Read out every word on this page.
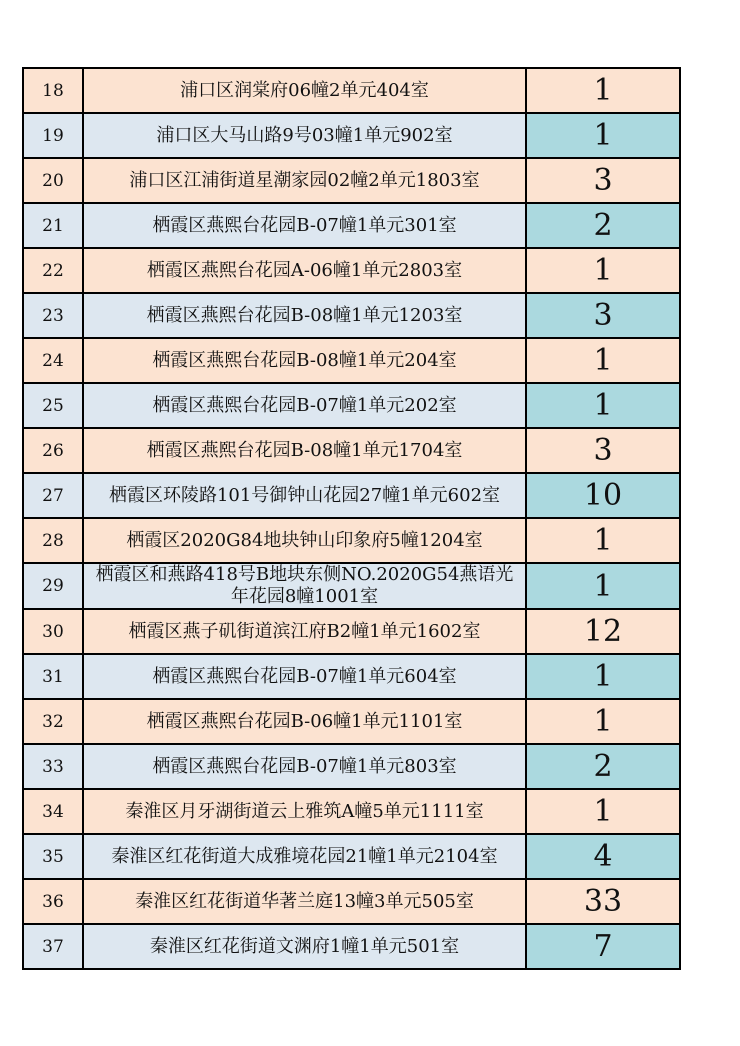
18	浦口区润棠府06幢2单元404室	1
19	浦口区大马山路9号03幢1单元902室	1
20	浦口区江浦街道星潮家园02幢2单元1803室	3
21	栖霞区燕熙台花园B-07幢1单元301室	2
22	栖霞区燕熙台花园A-06幢1单元2803室	1
23	栖霞区燕熙台花园B-08幢1单元1203室	3
24	栖霞区燕熙台花园B-08幢1单元204室	1
25	栖霞区燕熙台花园B-07幢1单元202室	1
26	栖霞区燕熙台花园B-08幢1单元1704室	3
27	栖霞区环陵路101号御钟山花园27幢1单元602室	10
28	栖霞区2020G84地块钟山印象府5幢1204室	1
29	栖霞区和燕路418号B地块东侧NO.2020G54燕语光年花园8幢1001室	1
30	栖霞区燕子矶街道滨江府B2幢1单元1602室	12
31	栖霞区燕熙台花园B-07幢1单元604室	1
32	栖霞区燕熙台花园B-06幢1单元1101室	1
33	栖霞区燕熙台花园B-07幢1单元803室	2
34	秦淮区月牙湖街道云上雅筑A幢5单元1111室	1
35	秦淮区红花街道大成雅境花园21幢1单元2104室	4
36	秦淮区红花街道华著兰庭13幢3单元505室	33
37	秦淮区红花街道文渊府1幢1单元501室	7
